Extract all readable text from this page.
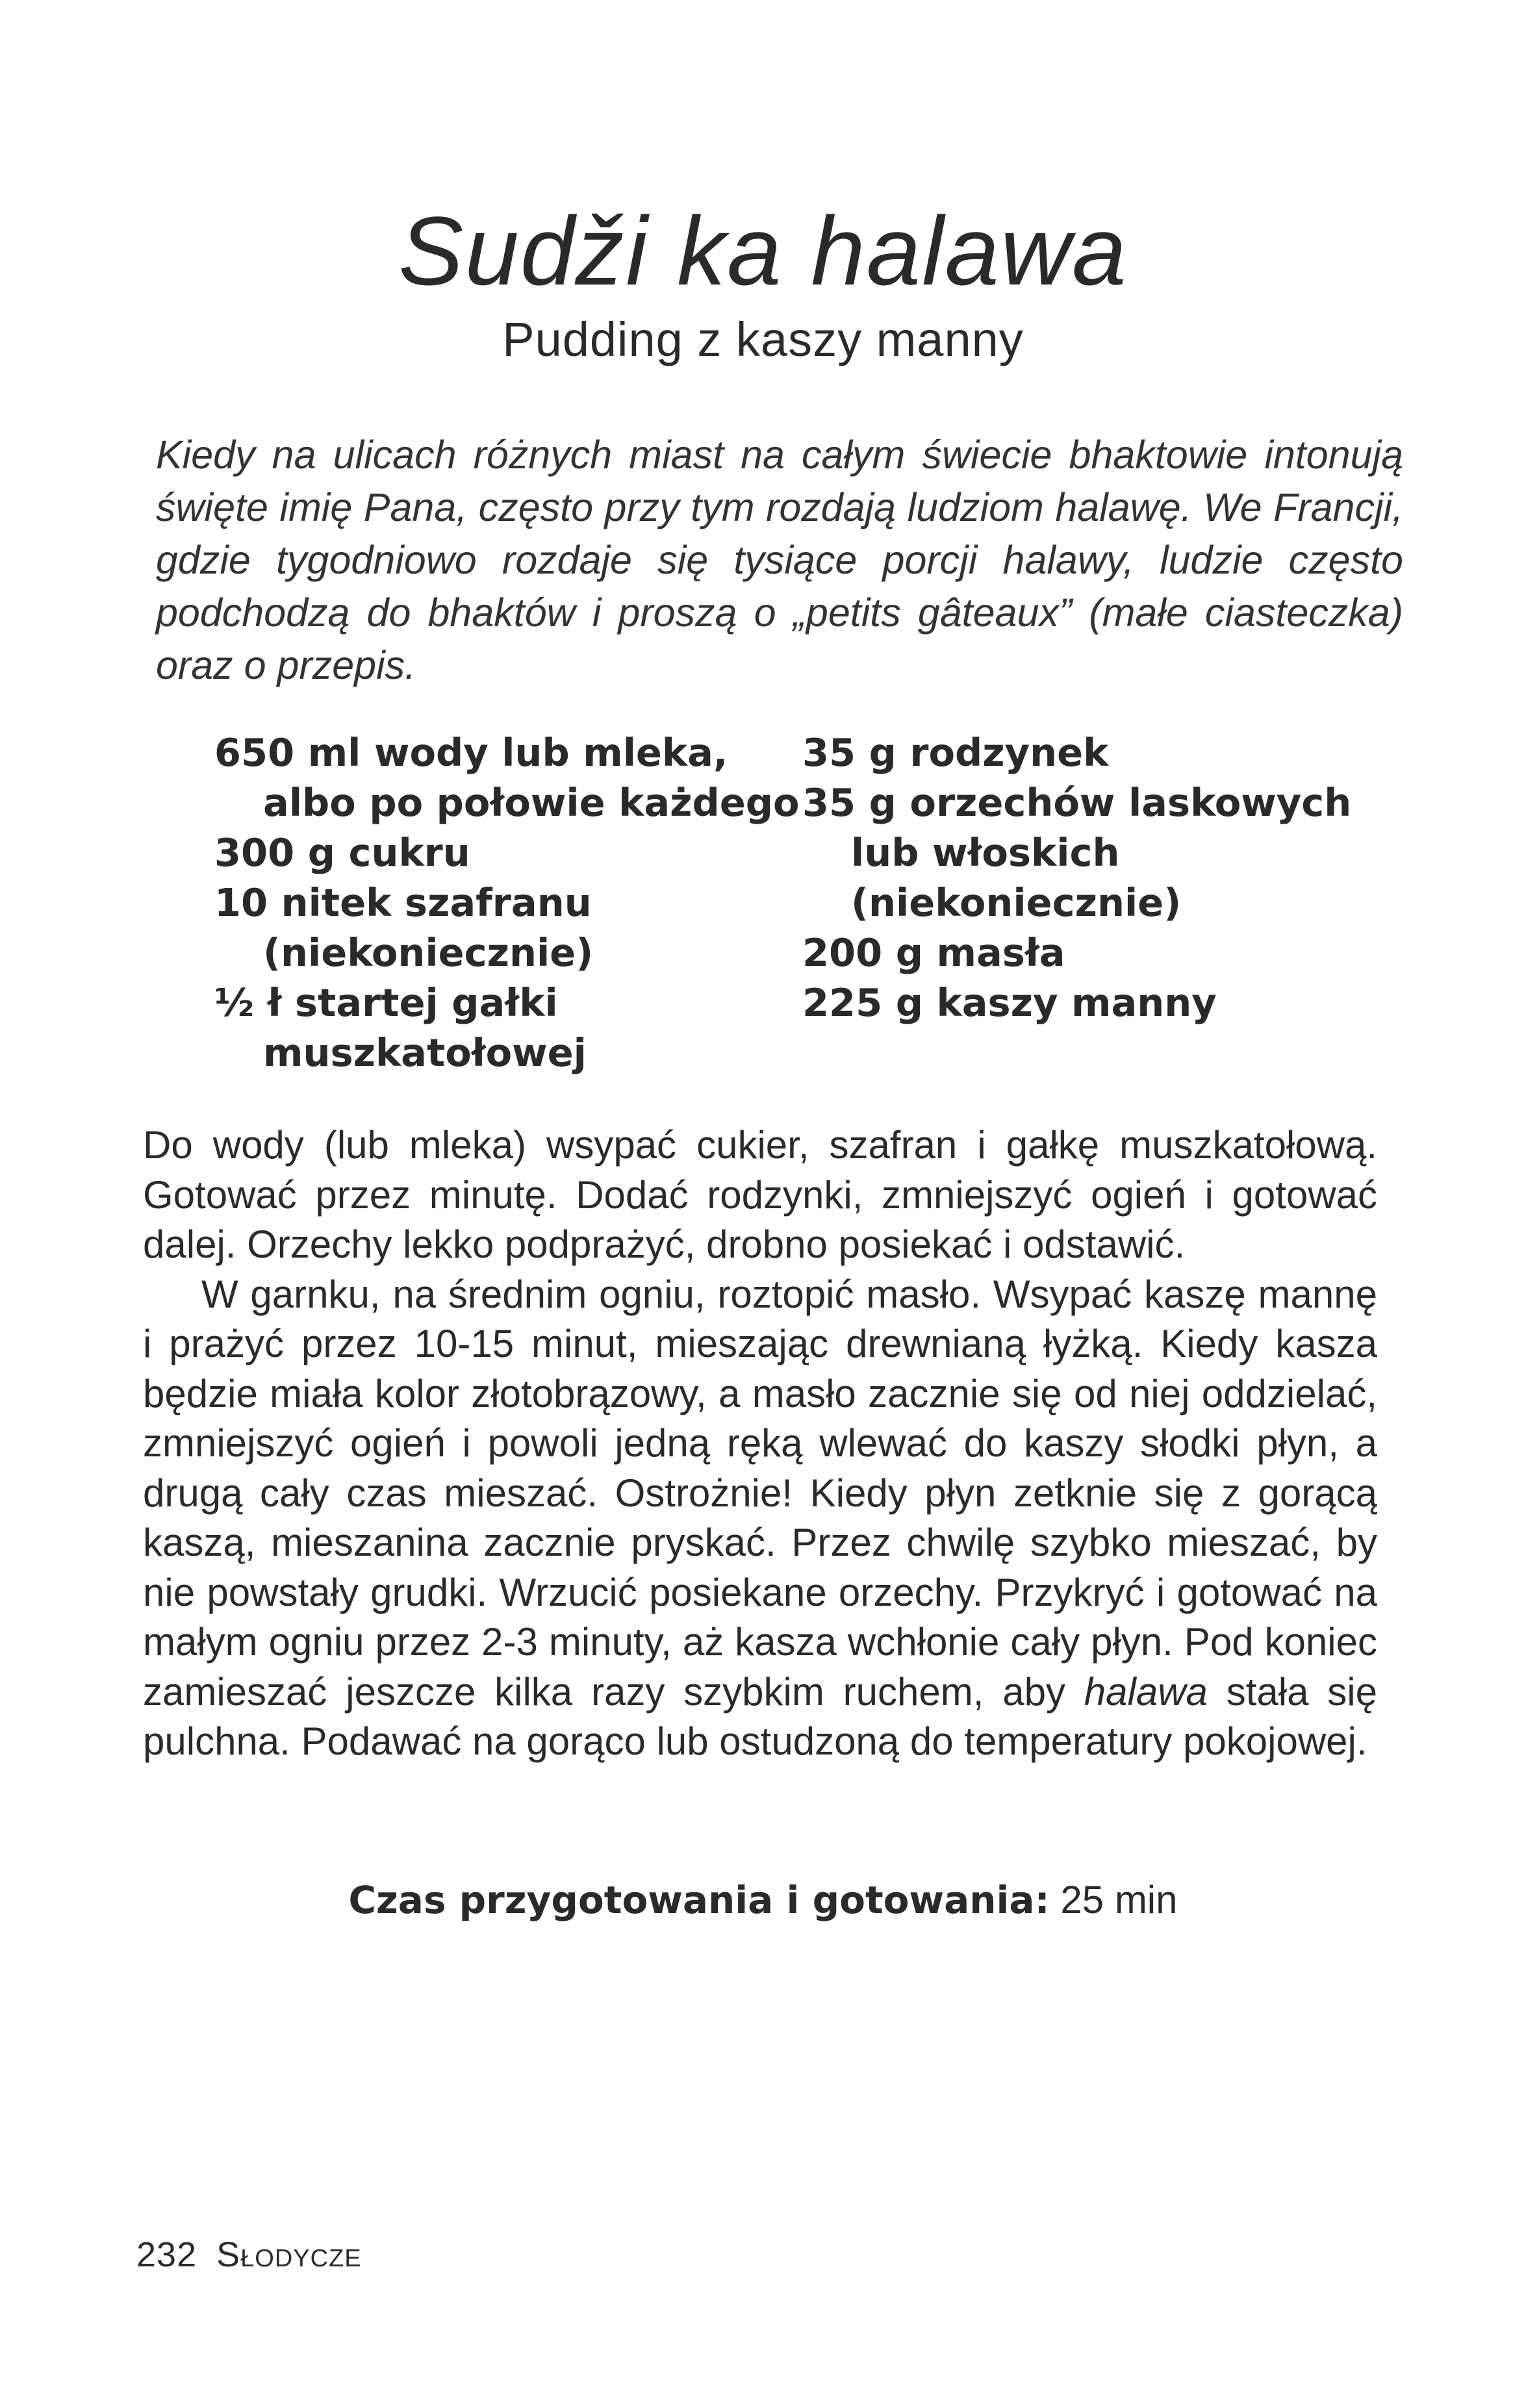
Sudži ka halawa
Pudding z kaszy manny
Kiedy na ulicach różnych miast na całym świecie bhaktowie intonują święte imię Pana, często przy tym rozdają ludziom halawę. We Francji, gdzie tygodniowo rozdaje się tysiące porcji halawy, ludzie często podchodzą do bhaktów i proszą o „petits gâteaux” (małe ciasteczka) oraz o przepis.
650 ml wody lub mleka,
albo po połowie każdego
300 g cukru
10 nitek szafranu
(niekoniecznie)
½ ł startej gałki
muszkatołowej
35 g rodzynek
35 g orzechów laskowych
lub włoskich
(niekoniecznie)
200 g masła
225 g kaszy manny

Do wody (lub mleka) wsypać cukier, szafran i gałkę muszkatołową. Gotować przez minutę. Dodać rodzynki, zmniejszyć ogień i gotować dalej. Orzechy lekko podprażyć, drobno posiekać i odstawić.

W garnku, na średnim ogniu, roztopić masło. Wsypać kaszę mannę i prażyć przez 10-15 minut, mieszając drewnianą łyżką. Kiedy kasza będzie miała kolor złotobrązowy, a masło zacznie się od niej oddzielać, zmniejszyć ogień i powoli jedną ręką wlewać do kaszy słodki płyn, a drugą cały czas mieszać. Ostrożnie! Kiedy płyn zetknie się z gorącą kaszą, mieszanina zacznie pryskać. Przez chwilę szybko mieszać, by nie powstały grudki. Wrzucić posiekane orzechy. Przykryć i gotować na małym ogniu przez 2-3 minuty, aż kasza wchłonie cały płyn. Pod koniec zamieszać jeszcze kilka razy szybkim ruchem, aby halawa stała się pulchna. Podawać na gorąco lub ostudzoną do temperatury pokojowej.

Czas przygotowania i gotowania: 25 min
232 Słodycze
